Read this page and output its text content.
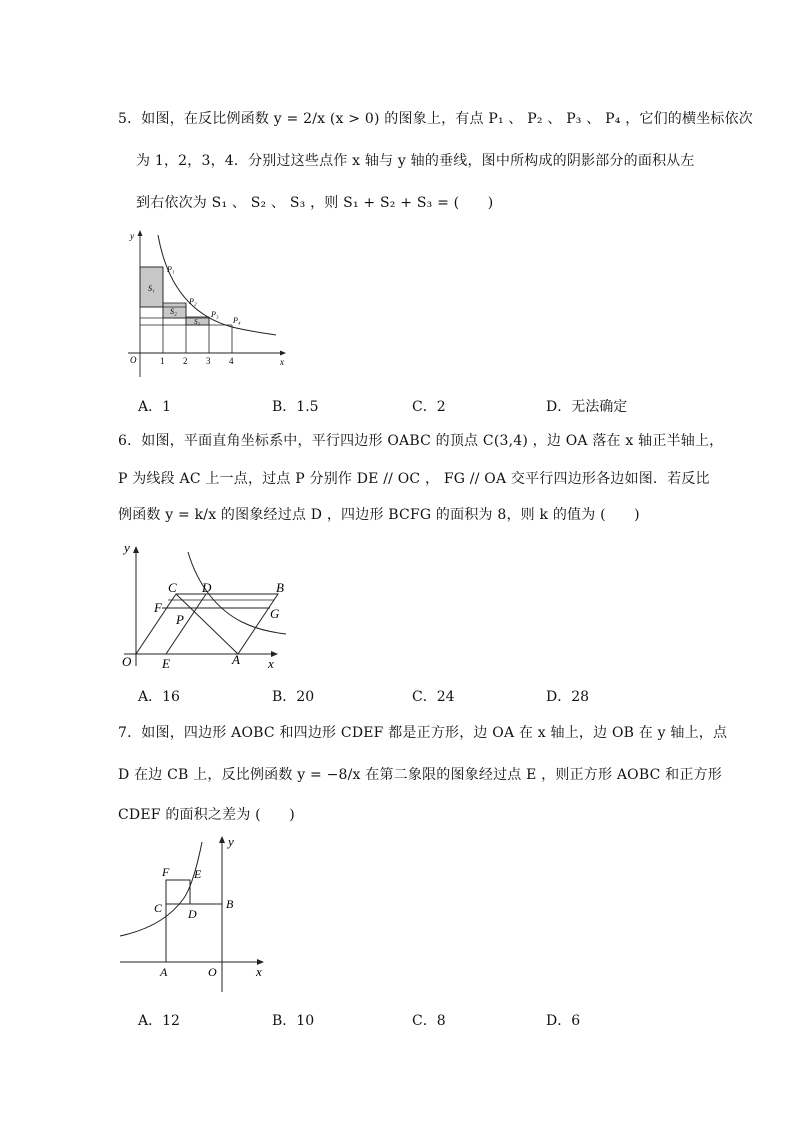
5．如图，在反比例函数 y = 2/x (x > 0) 的图象上，有点 P₁ 、 P₂ 、 P₃ 、 P₄ ，它们的横坐标依次
为 1，2，3，4．分别过这些点作 x 轴与 y 轴的垂线，图中所构成的阴影部分的面积从左
到右依次为 S₁ 、 S₂ 、 S₃ ，则 S₁ + S₂ + S₃ = (　　)
y
x
O	1 2 3 4
P₁
P₂
P₃
P₄
S₁
S₂
S₃
A．1	B．1.5	C．2	D．无法确定
6．如图，平面直角坐标系中，平行四边形 OABC 的顶点 C(3,4) ，边 OA 落在 x 轴正半轴上，
P 为线段 AC 上一点，过点 P 分别作 DE // OC ， FG // OA 交平行四边形各边如图．若反比
例函数 y = k/x 的图象经过点 D ，四边形 BCFG 的面积为 8，则 k 的值为 (　　)
y
x
O
C D	B
F
P	G
E	A
A．16	B．20	C．24	D．28
7．如图，四边形 AOBC 和四边形 CDEF 都是正方形，边 OA 在 x 轴上，边 OB 在 y 轴上，点
D 在边 CB 上，反比例函数 y = −8/x 在第二象限的图象经过点 E ，则正方形 AOBC 和正方形
CDEF 的面积之差为 (　　)
y
x
O
A
B
C D
E
F
A．12	B．10	C．8	D．6
